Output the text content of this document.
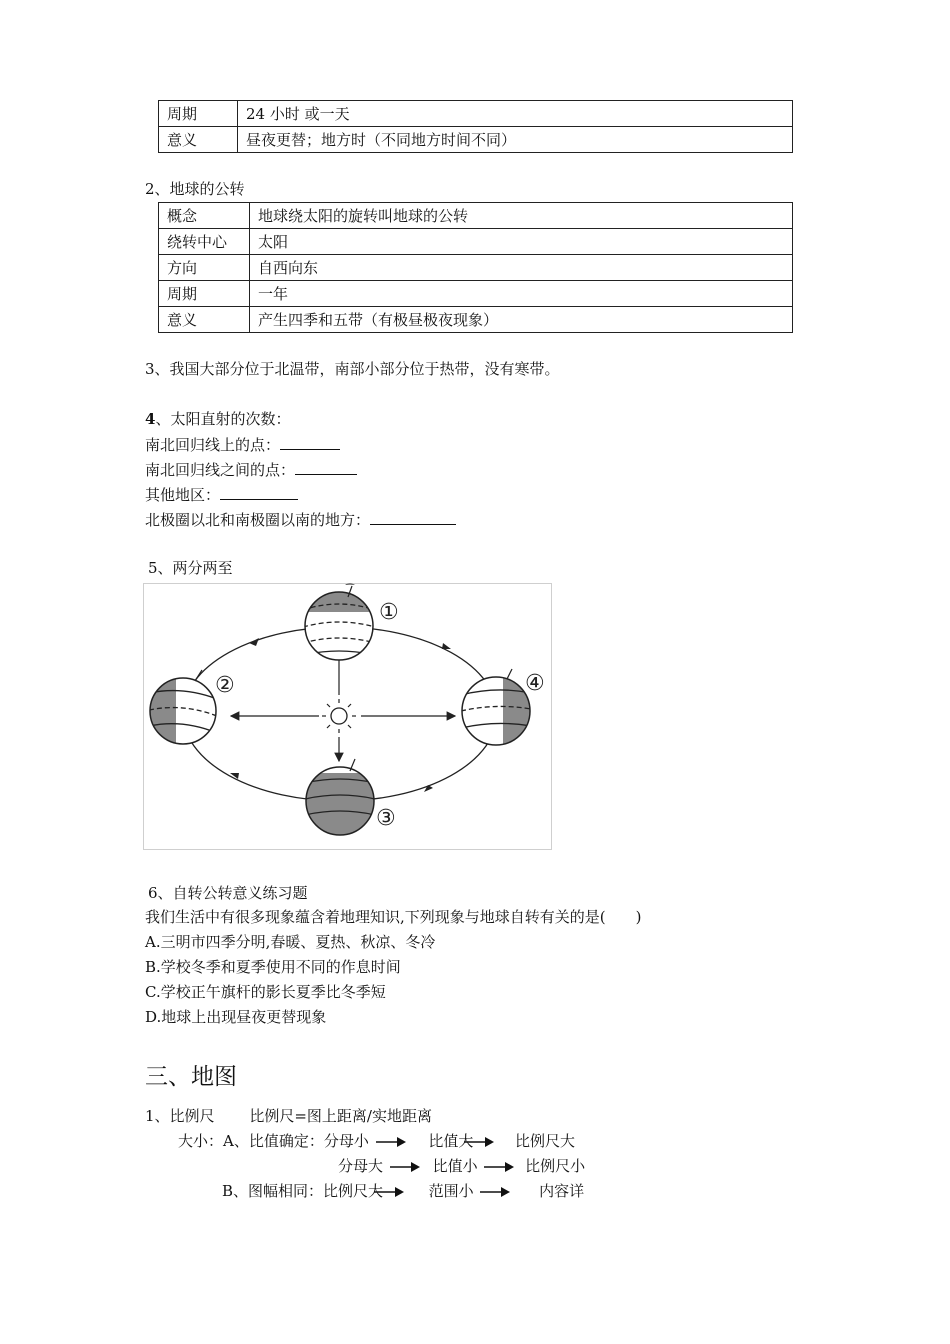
周期	24 小时 或一天
意义	昼夜更替；地方时（不同地方时间不同）
2、地球的公转
概念	地球绕太阳的旋转叫地球的公转
绕转中心	太阳
方向	自西向东
周期	一年
意义	产生四季和五带（有极昼极夜现象）
3、我国大部分位于北温带，南部小部分位于热带，没有寒带。
4、太阳直射的次数：
南北回归线上的点：
南北回归线之间的点：
其他地区：
北极圈以北和南极圈以南的地方：
5、两分两至
⁀
①
②
③
④
6、自转公转意义练习题
我们生活中有很多现象蕴含着地理知识,下列现象与地球自转有关的是(　　)
A.三明市四季分明,春暖、夏热、秋凉、冬冷
B.学校冬季和夏季使用不同的作息时间
C.学校正午旗杆的影长夏季比冬季短
D.地球上出现昼夜更替现象
三、地图
1、比例尺 比例尺=图上距离/实地距离
大小：A、比值确定：分母小	比值大	比例尺大
分母大	比值小	比例尺小
B、图幅相同：比例尺大	范围小	内容详
